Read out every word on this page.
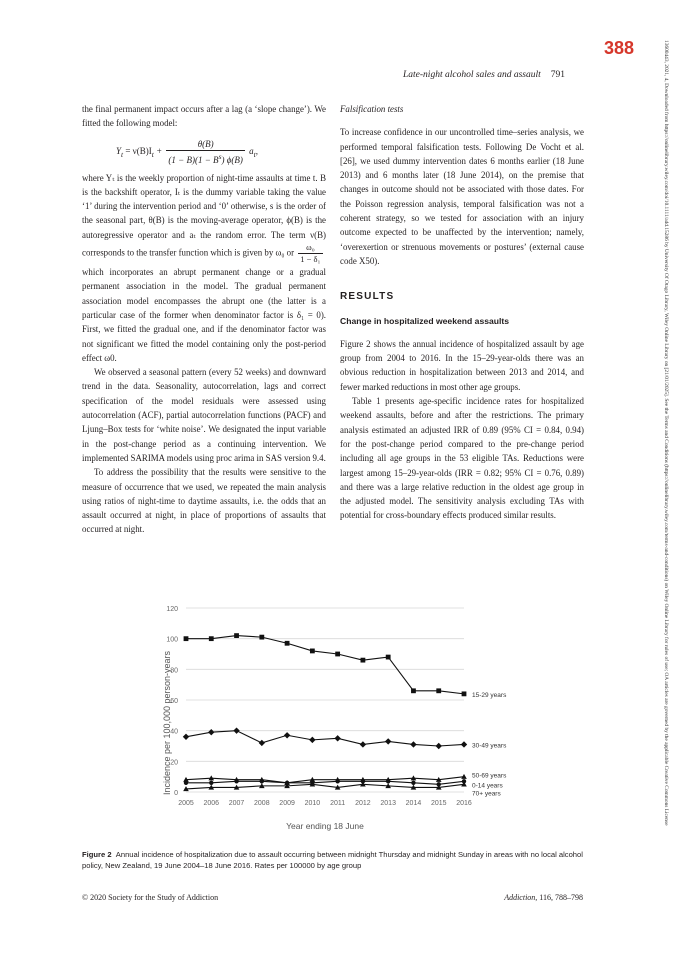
388
Late-night alcohol sales and assault 791	13600443, 2021, 4, Downloaded from https://onlinelibrary.wiley.com/doi/10.1111/add.15286 by University Of Otago Library, Wiley Online Library on [21/01/2025]. See the Terms and Conditions (https://onlinelibrary.wiley.com/terms-and-conditions) on Wiley Online Library for rules of use; OA articles are governed by the applicable Creative Commons License

the final permanent impact occurs after a lag (a ‘slope change’). We fitted the following model:

$Y_t = \nu(B)I_t + \frac{\theta(B)}{(1 - B)(1 - B^s) \phi(B)} a_t$,

where Yₜ is the weekly proportion of night-time assaults at time t. B is the backshift operator, Iₜ is the dummy variable taking the value ‘1’ during the intervention period and ‘0’ otherwise, s is the order of the seasonal part, θ(B) is the moving-average operator, ϕ(B) is the autoregressive operator and aₜ the random error. The term ν(B) corresponds to the transfer function which is given by ω₀ or $\frac{\text{ω₀}}{\text{1 − δ₁}}$

which incorporates an abrupt permanent change or a gradual permanent association in the model. The gradual permanent association model encompasses the abrupt one (the latter is a particular case of the former when denominator factor is δ₁ = 0). First, we fitted the gradual one, and if the denominator factor was not significant we fitted the model containing only the post-period effect ω0.

We observed a seasonal pattern (every 52 weeks) and downward trend in the data. Seasonality, autocorrelation, lags and correct specification of the model residuals were assessed using autocorrelation (ACF), partial autocorrelation functions (PACF) and Ljung–Box tests for ‘white noise’. We designated the input variable in the post-change period as a continuing intervention. We implemented SARIMA models using proc arima in SAS version 9.4.

To address the possibility that the results were sensitive to the measure of occurrence that we used, we repeated the main analysis using ratios of night-time to daytime assaults, i.e. the odds that an assault occurred at night, in place of proportions of assaults that occurred at night.

Falsification tests

To increase confidence in our uncontrolled time–series analysis, we performed temporal falsification tests. Following De Vocht et al. [26], we used dummy intervention dates 6 months earlier (18 June 2013) and 6 months later (18 June 2014), on the premise that changes in outcome should not be associated with those dates. For the Poisson regression analysis, temporal falsification was not a coherent strategy, so we tested for association with an injury outcome expected to be unaffected by the intervention; namely, ‘overexertion or strenuous movements or postures’ (external cause code X50).

RESULTS
Change in hospitalized weekend assaults

Figure 2 shows the annual incidence of hospitalized assault by age group from 2004 to 2016. In the 15–29-year-olds there was an obvious reduction in hospitalization between 2013 and 2014, and fewer marked reductions in most other age groups.

Table 1 presents age-specific incidence rates for hospitalized weekend assaults, before and after the restrictions. The primary analysis estimated an adjusted IRR of 0.89 (95% CI = 0.84, 0.94) for the post-change period compared to the pre-change period including all age groups in the 53 eligible TAs. Reductions were largest among 15–29-year-olds (IRR = 0.82; 95% CI = 0.76, 0.89) and there was a large relative reduction in the oldest age group in the adjusted model. The sensitivity analysis excluding TAs with potential for cross-boundary effects produced similar results.

0
20
40
60
80
100
120
2005 2006 2007 2008 2009 2010 2011 2012 2013 2014 2015 2016
15-29 years
30-49 years
50-69 years
0-14 years
70+ years
Incidence per 100,000 person-years
Year ending 18 June
Figure 2 Annual incidence of hospitalization due to assault occurring between midnight Thursday and midnight Sunday in areas with no local alcohol policy, New Zealand, 19 June 2004–18 June 2016. Rates per 100000 by age group
© 2020 Society for the Study of Addiction	Addiction, 116, 788–798
